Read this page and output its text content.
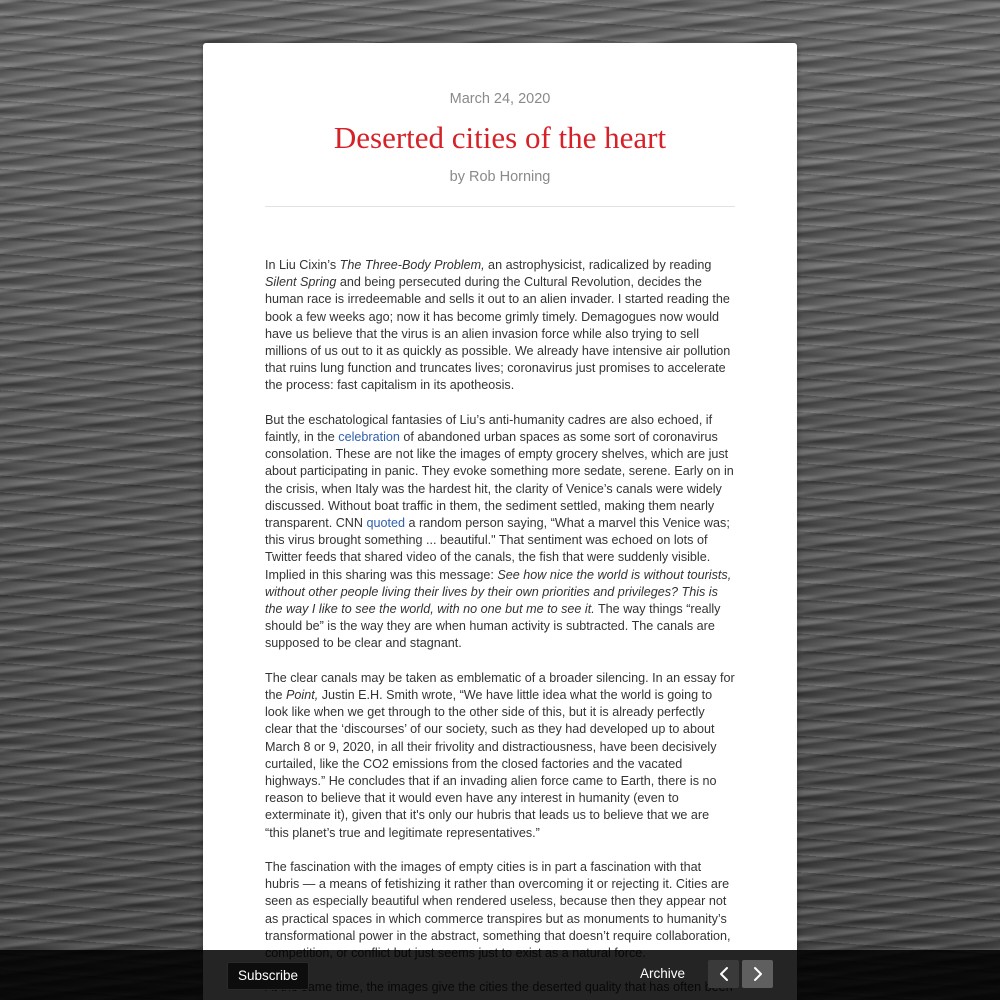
March 24, 2020
Deserted cities of the heart
by Rob Horning

In Liu Cixin’s The Three-Body Problem, an astrophysicist, radicalized by reading Silent Spring and being persecuted during the Cultural Revolution, decides the human race is irredeemable and sells it out to an alien invader. I started reading the book a few weeks ago; now it has become grimly timely. Demagogues now would have us believe that the virus is an alien invasion force while also trying to sell millions of us out to it as quickly as possible. We already have intensive air pollution that ruins lung function and truncates lives; coronavirus just promises to accelerate the process: fast capitalism in its apotheosis.

But the eschatological fantasies of Liu’s anti-humanity cadres are also echoed, if faintly, in the celebration of abandoned urban spaces as some sort of coronavirus consolation. These are not like the images of empty grocery shelves, which are just about participating in panic. They evoke something more sedate, serene. Early on in the crisis, when Italy was the hardest hit, the clarity of Venice’s canals were widely discussed. Without boat traffic in them, the sediment settled, making them nearly transparent. CNN quoted a random person saying, “What a marvel this Venice was; this virus brought something ... beautiful." That sentiment was echoed on lots of Twitter feeds that shared video of the canals, the fish that were suddenly visible. Implied in this sharing was this message: See how nice the world is without tourists, without other people living their lives by their own priorities and privileges? This is the way I like to see the world, with no one but me to see it. The way things “really should be” is the way they are when human activity is subtracted. The canals are supposed to be clear and stagnant.

The clear canals may be taken as emblematic of a broader silencing. In an essay for the Point, Justin E.H. Smith wrote, “We have little idea what the world is going to look like when we get through to the other side of this, but it is already perfectly clear that the ‘discourses’ of our society, such as they had developed up to about March 8 or 9, 2020, in all their frivolity and distractiousness, have been decisively curtailed, like the CO2 emissions from the closed factories and the vacated highways.” He concludes that if an invading alien force came to Earth, there is no reason to believe that it would even have any interest in humanity (even to exterminate it), given that it's only our hubris that leads us to believe that we are “this planet’s true and legitimate representatives.”

The fascination with the images of empty cities is in part a fascination with that hubris — a means of fetishizing it rather than overcoming it or rejecting it. Cities are seen as especially beautiful when rendered useless, because then they appear not as practical spaces in which commerce transpires but as monuments to humanity’s transformational power in the abstract, something that doesn’t require collaboration,

Subscribe	Archive
